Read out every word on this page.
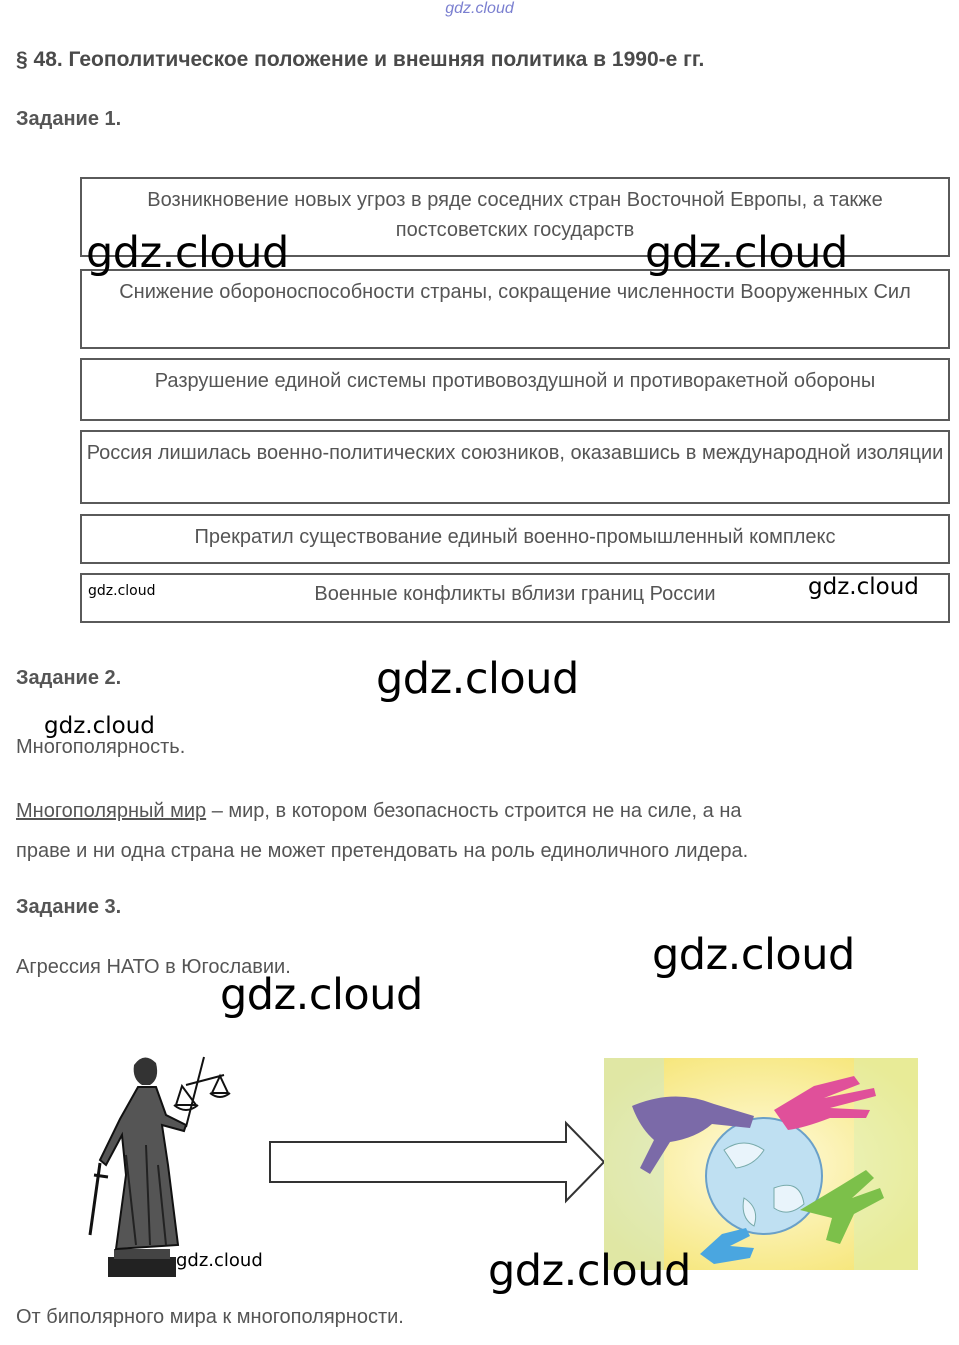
gdz.cloud
§ 48. Геополитическое положение и внешняя политика в 1990-е гг.
Задание 1.
Возникновение новых угроз в ряде соседних стран Восточной Европы, а также постсоветских государств
Снижение обороноспособности страны, сокращение численности Вооруженных Сил
Разрушение единой системы противовоздушной и противоракетной обороны
Россия лишилась военно-политических союзников, оказавшись в международной изоляции
Прекратил существование единый военно-промышленный комплекс
Военные конфликты вблизи границ России
Задание 2.
Многополярность.
Многополярный мир – мир, в котором безопасность строится не на силе, а на
праве и ни одна страна не может претендовать на роль единоличного лидера.
Задание 3.
Агрессия НАТО в Югославии.
От биполярного мира к многополярности.
gdz.cloud	gdz.cloud
gdz.cloud	gdz.cloud
gdz.cloud
gdz.cloud
gdz.cloud
gdz.cloud
gdz.cloud	gdz.cloud
